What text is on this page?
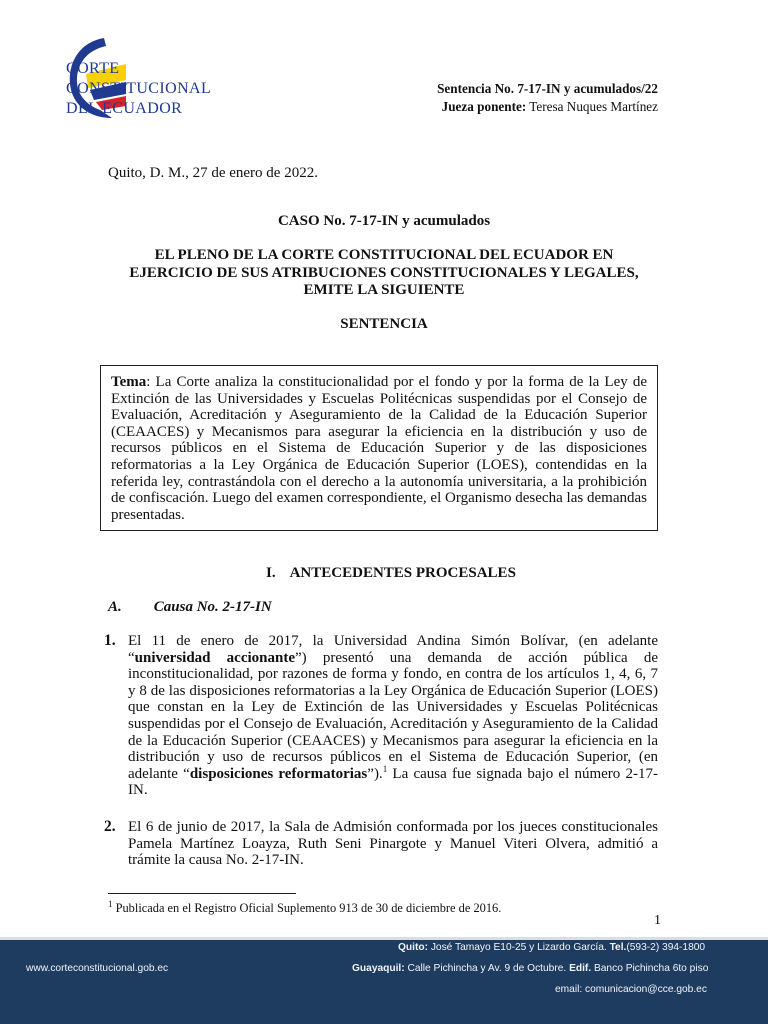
CORTE
CONSTITUCIONAL
DEL ECUADOR
Sentencia No. 7-17-IN y acumulados/22
Jueza ponente: Teresa Nuques Martínez
Quito, D. M., 27 de enero de 2022.
CASO No. 7-17-IN y acumulados
EL PLENO DE LA CORTE CONSTITUCIONAL DEL ECUADOR EN
EJERCICIO DE SUS ATRIBUCIONES CONSTITUCIONALES Y LEGALES,
EMITE LA SIGUIENTE
SENTENCIA

Tema: La Corte analiza la constitucionalidad por el fondo y por la forma de la Ley de Extinción de las Universidades y Escuelas Politécnicas suspendidas por el Consejo de Evaluación, Acreditación y Aseguramiento de la Calidad de la Educación Superior (CEAACES) y Mecanismos para asegurar la eficiencia en la distribución y uso de recursos públicos en el Sistema de Educación Superior y de las disposiciones reformatorias a la Ley Orgánica de Educación Superior (LOES), contendidas en la referida ley, contrastándola con el derecho a la autonomía universitaria, a la prohibición de confiscación. Luego del examen correspondiente, el Organismo desecha las demandas presentadas.

I. ANTECEDENTES PROCESALES
A. Causa No. 2-17-IN
1. El 11 de enero de 2017, la Universidad Andina Simón Bolívar, (en adelante “universidad accionante”) presentó una demanda de acción pública de inconstitucionalidad, por razones de forma y fondo, en contra de los artículos 1, 4, 6, 7 y 8 de las disposiciones reformatorias a la Ley Orgánica de Educación Superior (LOES) que constan en la Ley de Extinción de las Universidades y Escuelas Politécnicas suspendidas por el Consejo de Evaluación, Acreditación y Aseguramiento de la Calidad de la Educación Superior (CEAACES) y Mecanismos para asegurar la eficiencia en la distribución y uso de recursos públicos en el Sistema de Educación Superior, (en adelante “disposiciones reformatorias”).$^1$ La causa fue signada bajo el número 2-17-IN.

2. El 6 de junio de 2017, la Sala de Admisión conformada por los jueces constitucionales Pamela Martínez Loayza, Ruth Seni Pinargote y Manuel Viteri Olvera, admitió a trámite la causa No. 2-17-IN.

$^1$ Publicada en el Registro Oficial Suplemento 913 de 30 de diciembre de 2016.
1
Quito: José Tamayo E10-25 y Lizardo García. Tel.(593-2) 394-1800
www.corteconstitucional.gob.ec	Guayaquil: Calle Pichincha y Av. 9 de Octubre. Edif. Banco Pichincha 6to piso
email: comunicacion@cce.gob.ec
